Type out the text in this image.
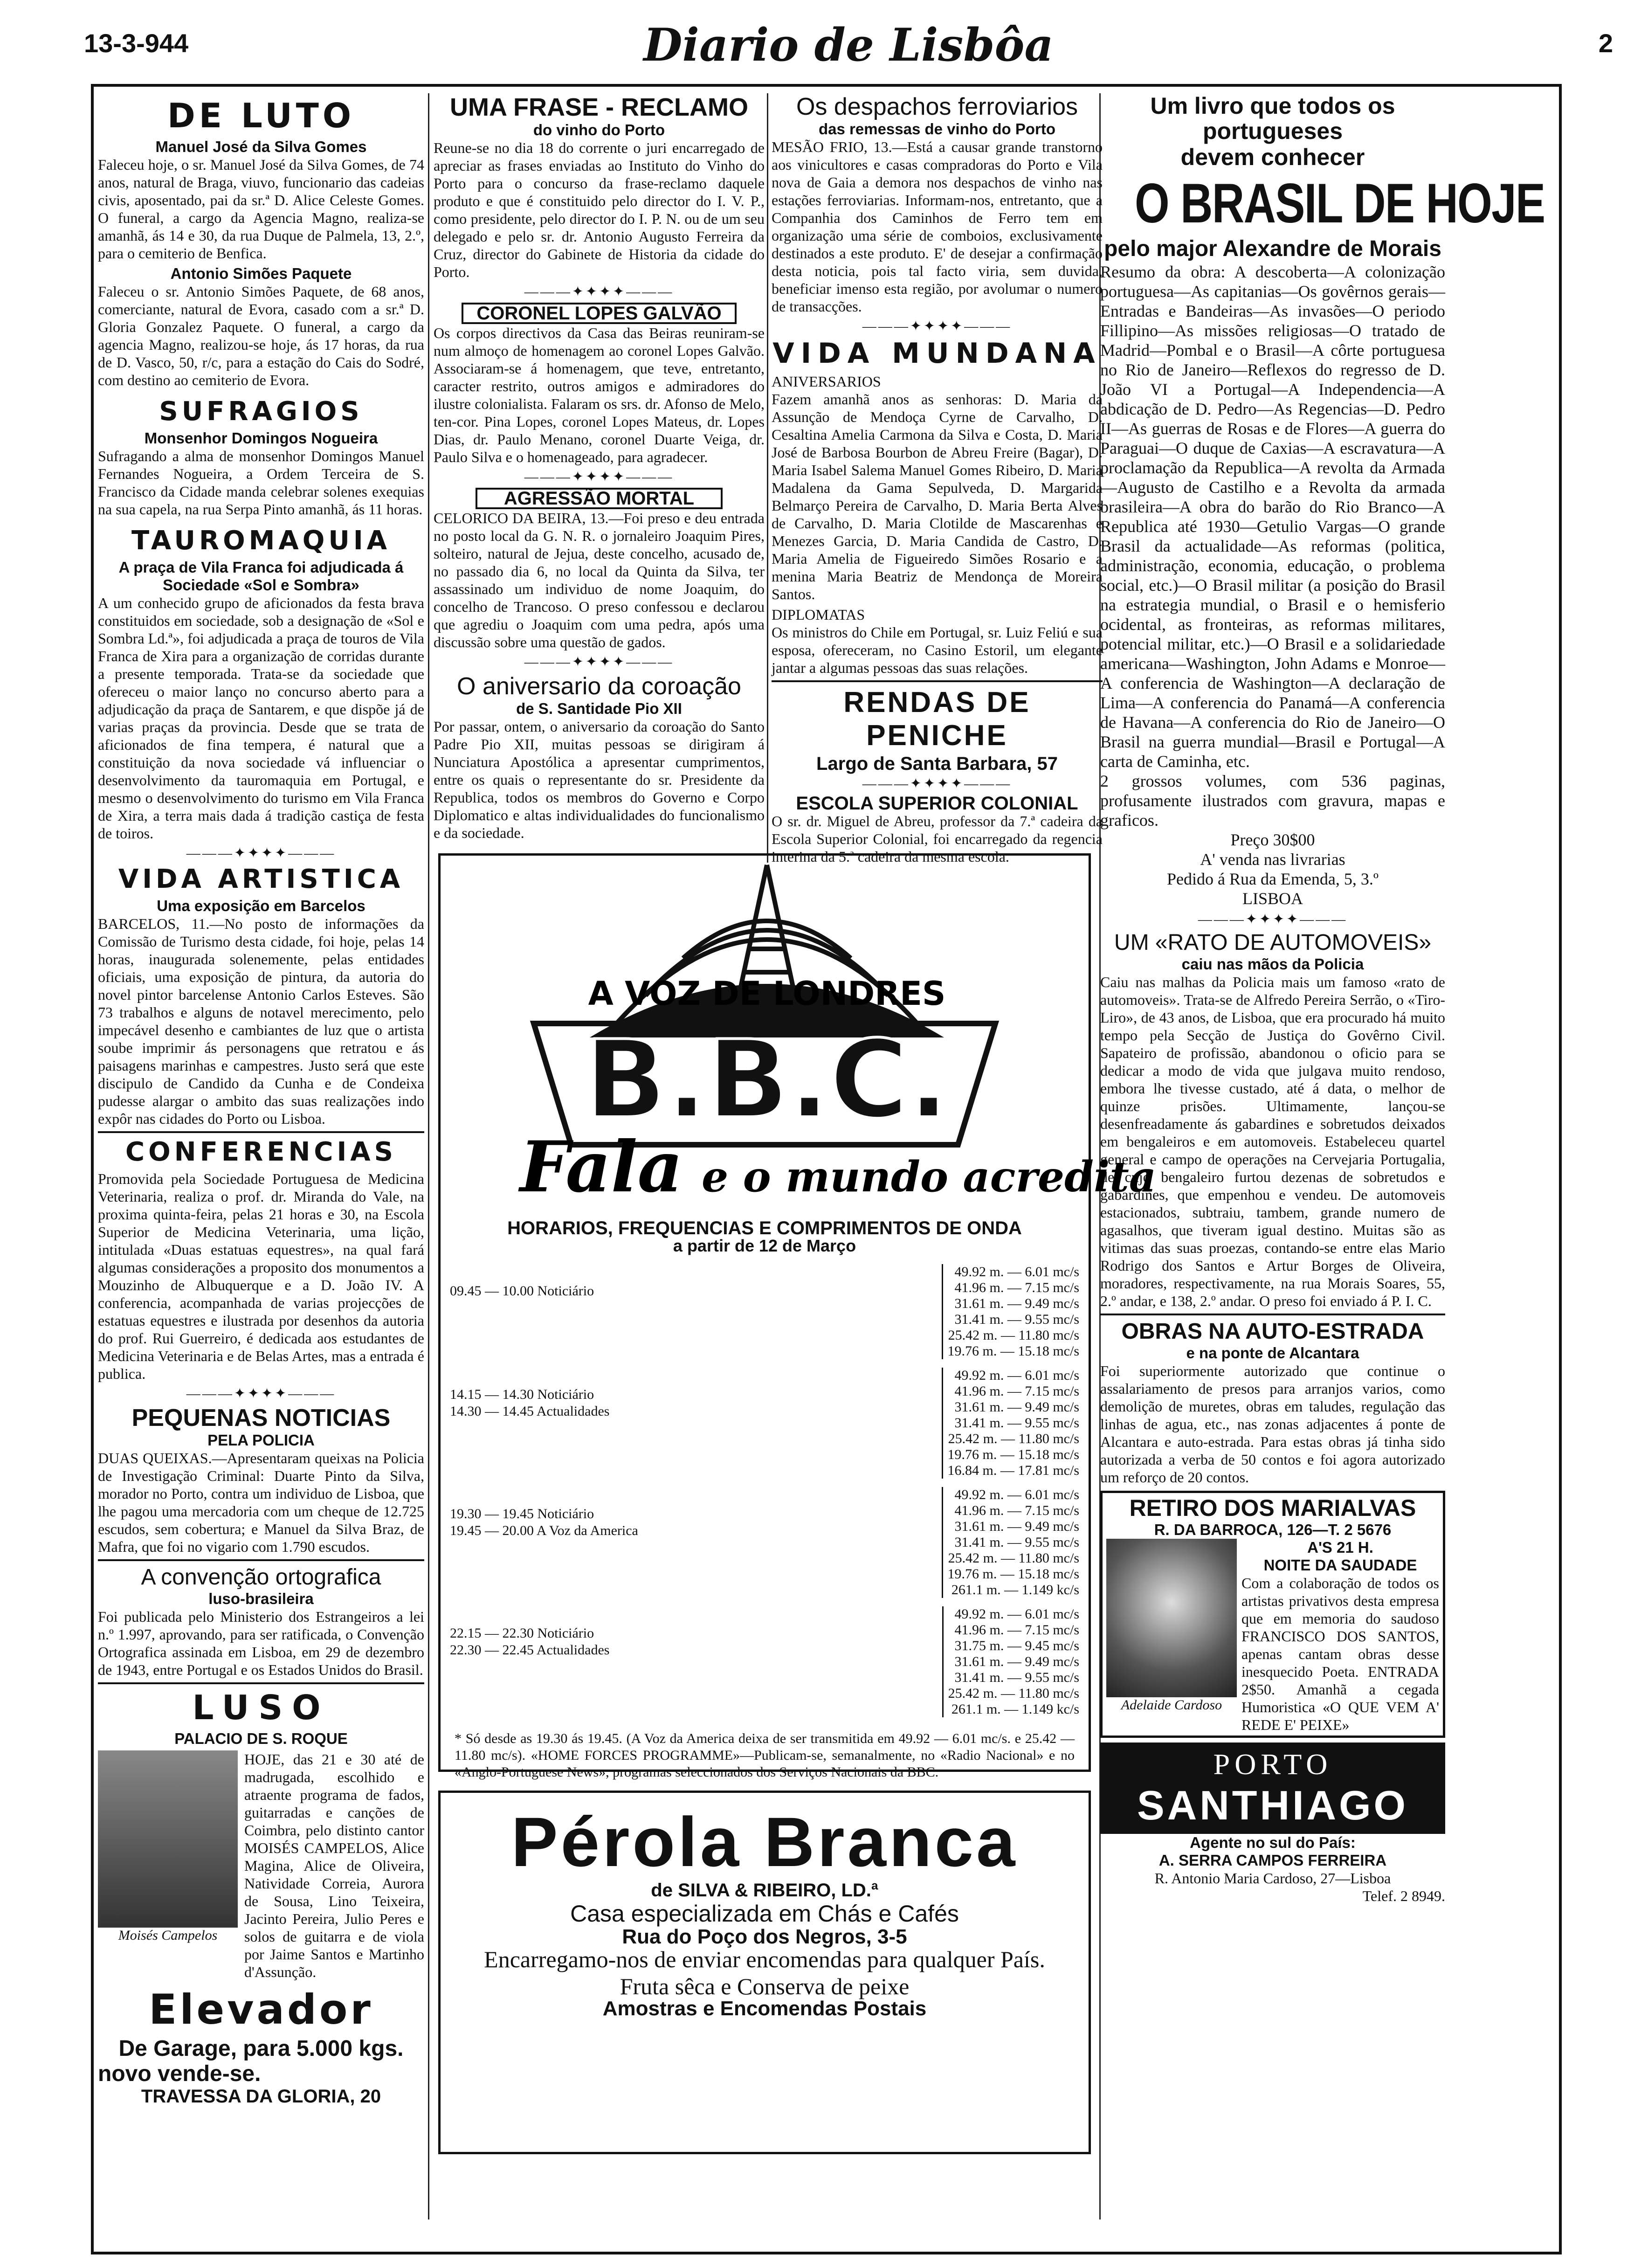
13-3-944	Diario de Lisbôa	2
DE LUTO
Manuel José da Silva Gomes

Faleceu hoje, o sr. Manuel José da Silva Gomes, de 74 anos, natural de Braga, viuvo, funcionario das cadeias civis, aposentado, pai da sr.ª D. Alice Celeste Gomes. O funeral, a cargo da Agencia Magno, realiza-se amanhã, ás 14 e 30, da rua Duque de Palmela, 13, 2.º, para o cemiterio de Benfica.

Antonio Simões Paquete

Faleceu o sr. Antonio Simões Paquete, de 68 anos, comerciante, natural de Evora, casado com a sr.ª D. Gloria Gonzalez Paquete. O funeral, a cargo da agencia Magno, realizou-se hoje, ás 17 horas, da rua de D. Vasco, 50, r/c, para a estação do Cais do Sodré, com destino ao cemiterio de Evora.

SUFRAGIOS
Monsenhor Domingos Nogueira

Sufragando a alma de monsenhor Domingos Manuel Fernandes Nogueira, a Ordem Terceira de S. Francisco da Cidade manda celebrar solenes exequias na sua capela, na rua Serpa Pinto amanhã, ás 11 horas.

TAUROMAQUIA
A praça de Vila Franca foi adjudicada á Sociedade «Sol e Sombra»

A um conhecido grupo de aficionados da festa brava constituidos em sociedade, sob a designação de «Sol e Sombra Ld.ª», foi adjudicada a praça de touros de Vila Franca de Xira para a organização de corridas durante a presente temporada. Trata-se da sociedade que ofereceu o maior lanço no concurso aberto para a adjudicação da praça de Santarem, e que dispõe já de varias praças da provincia. Desde que se trata de aficionados de fina tempera, é natural que a constituição da nova sociedade vá influenciar o desenvolvimento da tauromaquia em Portugal, e mesmo o desenvolvimento do turismo em Vila Franca de Xira, a terra mais dada á tradição castiça de festa de toiros.

———✦✦✦✦———
VIDA ARTISTICA
Uma exposição em Barcelos

BARCELOS, 11.—No posto de informações da Comissão de Turismo desta cidade, foi hoje, pelas 14 horas, inaugurada solenemente, pelas entidades oficiais, uma exposição de pintura, da autoria do novel pintor barcelense Antonio Carlos Esteves. São 73 trabalhos e alguns de notavel merecimento, pelo impecável desenho e cambiantes de luz que o artista soube imprimir ás personagens que retratou e ás paisagens marinhas e campestres. Justo será que este discipulo de Candido da Cunha e de Condeixa pudesse alargar o ambito das suas realizações indo expôr nas cidades do Porto ou Lisboa.

CONFERENCIAS

Promovida pela Sociedade Portuguesa de Medicina Veterinaria, realiza o prof. dr. Miranda do Vale, na proxima quinta-feira, pelas 21 horas e 30, na Escola Superior de Medicina Veterinaria, uma lição, intitulada «Duas estatuas equestres», na qual fará algumas considerações a proposito dos monumentos a Mouzinho de Albuquerque e a D. João IV. A conferencia, acompanhada de varias projecções de estatuas equestres e ilustrada por desenhos da autoria do prof. Rui Guerreiro, é dedicada aos estudantes de Medicina Veterinaria e de Belas Artes, mas a entrada é publica.

———✦✦✦✦———
PEQUENAS NOTICIAS
PELA POLICIA

DUAS QUEIXAS.—Apresentaram queixas na Policia de Investigação Criminal: Duarte Pinto da Silva, morador no Porto, contra um individuo de Lisboa, que lhe pagou uma mercadoria com um cheque de 12.725 escudos, sem cobertura; e Manuel da Silva Braz, de Mafra, que foi no vigario com 1.790 escudos.

A convenção ortografica
luso-brasileira

Foi publicada pelo Ministerio dos Estrangeiros a lei n.º 1.997, aprovando, para ser ratificada, o Convenção Ortografica assinada em Lisboa, em 29 de dezembro de 1943, entre Portugal e os Estados Unidos do Brasil.

LUSO
PALACIO DE S. ROQUE
Moisés Campelos

HOJE, das 21 e 30 até de madrugada, escolhido e atraente programa de fados, guitarradas e canções de Coimbra, pelo distinto cantor MOISÉS CAMPELOS, Alice Magina, Alice de Oliveira, Natividade Correia, Aurora de Sousa, Lino Teixeira, Jacinto Pereira, Julio Peres e solos de guitarra e de viola por Jaime Santos e Martinho d'Assunção.

Elevador
De Garage, para 5.000 kgs.
novo vende-se.
TRAVESSA DA GLORIA, 20
UMA FRASE - RECLAMO
do vinho do Porto

Reune-se no dia 18 do corrente o juri encarregado de apreciar as frases enviadas ao Instituto do Vinho do Porto para o concurso da frase-reclamo daquele produto e que é constituido pelo director do I. V. P., como presidente, pelo director do I. P. N. ou de um seu delegado e pelo sr. dr. Antonio Augusto Ferreira da Cruz, director do Gabinete de Historia da cidade do Porto.

———✦✦✦✦———
CORONEL LOPES GALVÃO

Os corpos directivos da Casa das Beiras reuniram-se num almoço de homenagem ao coronel Lopes Galvão. Associaram-se á homenagem, que teve, entretanto, caracter restrito, outros amigos e admiradores do ilustre colonialista. Falaram os srs. dr. Afonso de Melo, ten-cor. Pina Lopes, coronel Lopes Mateus, dr. Lopes Dias, dr. Paulo Menano, coronel Duarte Veiga, dr. Paulo Silva e o homenageado, para agradecer.

———✦✦✦✦———
AGRESSÃO MORTAL

CELORICO DA BEIRA, 13.—Foi preso e deu entrada no posto local da G. N. R. o jornaleiro Joaquim Pires, solteiro, natural de Jejua, deste concelho, acusado de, no passado dia 6, no local da Quinta da Silva, ter assassinado um individuo de nome Joaquim, do concelho de Trancoso. O preso confessou e declarou que agrediu o Joaquim com uma pedra, após uma discussão sobre uma questão de gados.

———✦✦✦✦———
O aniversario da coroação
de S. Santidade Pio XII

Por passar, ontem, o aniversario da coroação do Santo Padre Pio XII, muitas pessoas se dirigiram á Nunciatura Apostólica a apresentar cumprimentos, entre os quais o representante do sr. Presidente da Republica, todos os membros do Governo e Corpo Diplomatico e altas individualidades do funcionalismo e da sociedade.

Os despachos ferroviarios
das remessas de vinho do Porto

MESÃO FRIO, 13.—Está a causar grande transtorno aos vinicultores e casas compradoras do Porto e Vila nova de Gaia a demora nos despachos de vinho nas estações ferroviarias. Informam-nos, entretanto, que a Companhia dos Caminhos de Ferro tem em organização uma série de comboios, exclusivamente destinados a este produto. E' de desejar a confirmação desta noticia, pois tal facto viria, sem duvida, beneficiar imenso esta região, por avolumar o numero de transacções.

———✦✦✦✦———
VIDA MUNDANA

ANIVERSARIOS

Fazem amanhã anos as senhoras: D. Maria da Assunção de Mendoça Cyrne de Carvalho, D. Cesaltina Amelia Carmona da Silva e Costa, D. Maria José de Barbosa Bourbon de Abreu Freire (Bagar), D. Maria Isabel Salema Manuel Gomes Ribeiro, D. Maria Madalena da Gama Sepulveda, D. Margarida Belmarço Pereira de Carvalho, D. Maria Berta Alves de Carvalho, D. Maria Clotilde de Mascarenhas e Menezes Garcia, D. Maria Candida de Castro, D. Maria Amelia de Figueiredo Simões Rosario e a menina Maria Beatriz de Mendonça de Moreira Santos.

DIPLOMATAS

Os ministros do Chile em Portugal, sr. Luiz Feliú e sua esposa, ofereceram, no Casino Estoril, um elegante jantar a algumas pessoas das suas relações.

RENDAS DE PENICHE
Largo de Santa Barbara, 57
———✦✦✦✦———
ESCOLA SUPERIOR COLONIAL

O sr. dr. Miguel de Abreu, professor da 7.ª cadeira da Escola Superior Colonial, foi encarregado da regencia interina da 5.ª cadeira da mesma escola.

Um livro que todos os portugueses
devem conhecer
O BRASIL DE HOJE
pelo major Alexandre de Morais

Resumo da obra: A descoberta—A colonização portuguesa—As capitanias—Os govêrnos gerais—Entradas e Bandeiras—As invasões—O periodo Fillipino—As missões religiosas—O tratado de Madrid—Pombal e o Brasil—A côrte portuguesa no Rio de Janeiro—Reflexos do regresso de D. João VI a Portugal—A Independencia—A abdicação de D. Pedro—As Regencias—D. Pedro II—As guerras de Rosas e de Flores—A guerra do Paraguai—O duque de Caxias—A escravatura—A proclamação da Republica—A revolta da Armada—Augusto de Castilho e a Revolta da armada brasileira—A obra do barão do Rio Branco—A Republica até 1930—Getulio Vargas—O grande Brasil da actualidade—As reformas (politica, administração, economia, educação, o problema social, etc.)—O Brasil militar (a posição do Brasil na estrategia mundial, o Brasil e o hemisferio ocidental, as fronteiras, as reformas militares, potencial militar, etc.)—O Brasil e a solidariedade americana—Washington, John Adams e Monroe—A conferencia de Washington—A declaração de Lima—A conferencia do Panamá—A conferencia de Havana—A conferencia do Rio de Janeiro—O Brasil na guerra mundial—Brasil e Portugal—A carta de Caminha, etc.

2 grossos volumes, com 536 paginas, profusamente ilustrados com gravura, mapas e graficos.

Preço 30$00

A' venda nas livrarias

Pedido á Rua da Emenda, 5, 3.º

LISBOA

———✦✦✦✦———
UM «RATO DE AUTOMOVEIS»
caiu nas mãos da Policia

Caiu nas malhas da Policia mais um famoso «rato de automoveis». Trata-se de Alfredo Pereira Serrão, o «Tiro-Liro», de 43 anos, de Lisboa, que era procurado há muito tempo pela Secção de Justiça do Govêrno Civil. Sapateiro de profissão, abandonou o oficio para se dedicar a modo de vida que julgava muito rendoso, embora lhe tivesse custado, até á data, o melhor de quinze prisões. Ultimamente, lançou-se desenfreadamente ás gabardines e sobretudos deixados em bengaleiros e em automoveis. Estabeleceu quartel general e campo de operações na Cervejaria Portugalia, de cujo bengaleiro furtou dezenas de sobretudos e gabardines, que empenhou e vendeu. De automoveis estacionados, subtraiu, tambem, grande numero de agasalhos, que tiveram igual destino. Muitas são as vitimas das suas proezas, contando-se entre elas Mario Rodrigo dos Santos e Artur Borges de Oliveira, moradores, respectivamente, na rua Morais Soares, 55, 2.º andar, e 138, 2.º andar. O preso foi enviado á P. I. C.

OBRAS NA AUTO-ESTRADA
e na ponte de Alcantara

Foi superiormente autorizado que continue o assalariamento de presos para arranjos varios, como demolição de muretes, obras em taludes, regulação das linhas de agua, etc., nas zonas adjacentes á ponte de Alcantara e auto-estrada. Para estas obras já tinha sido autorizada a verba de 50 contos e foi agora autorizado um reforço de 20 contos.

RETIRO DOS MARIALVAS
R. DA BARROCA, 126—T. 2 5676
Adelaide Cardoso
A'S 21 H.
NOITE DA SAUDADE

Com a colaboração de todos os artistas privativos desta empresa que em memoria do saudoso FRANCISCO DOS SANTOS, apenas cantam obras desse inesquecido Poeta. ENTRADA 2$50. Amanhã a cegada Humoristica «O QUE VEM A' REDE E' PEIXE»

PORTO
SANTHIAGO
Agente no sul do País:
A. SERRA CAMPOS FERREIRA

R. Antonio Maria Cardoso, 27—Lisboa

Telef. 2 8949.

A VOZ DE LONDRES
B.B.C.
Fala e o mundo acredita
HORARIOS, FREQUENCIAS E COMPRIMENTOS DE ONDA
a partir de 12 de Março
09.45 — 10.00 Noticiário
49.92 m. — 6.01 mc/s
41.96 m. — 7.15 mc/s
31.61 m. — 9.49 mc/s
31.41 m. — 9.55 mc/s
25.42 m. — 11.80 mc/s
19.76 m. — 15.18 mc/s
14.15 — 14.30 Noticiário
14.30 — 14.45 Actualidades
49.92 m. — 6.01 mc/s
41.96 m. — 7.15 mc/s
31.61 m. — 9.49 mc/s
31.41 m. — 9.55 mc/s
25.42 m. — 11.80 mc/s
19.76 m. — 15.18 mc/s
16.84 m. — 17.81 mc/s
19.30 — 19.45 Noticiário
19.45 — 20.00 A Voz da America
49.92 m. — 6.01 mc/s
41.96 m. — 7.15 mc/s
31.61 m. — 9.49 mc/s
31.41 m. — 9.55 mc/s
25.42 m. — 11.80 mc/s
19.76 m. — 15.18 mc/s
261.1 m. — 1.149 kc/s
22.15 — 22.30 Noticiário
22.30 — 22.45 Actualidades
49.92 m. — 6.01 mc/s
41.96 m. — 7.15 mc/s
31.75 m. — 9.45 mc/s
31.61 m. — 9.49 mc/s
31.41 m. — 9.55 mc/s
25.42 m. — 11.80 mc/s
261.1 m. — 1.149 kc/s

* Só desde as 19.30 ás 19.45. (A Voz da America deixa de ser transmitida em 49.92 — 6.01 mc/s. e 25.42 — 11.80 mc/s). «HOME FORCES PROGRAMME»—Publicam-se, semanalmente, no «Radio Nacional» e no «Anglo-Portuguese News», programas seleccionados dos Serviços Nacionais da BBC.

Pérola Branca
de SILVA & RIBEIRO, LD.ª
Casa especializada em Chás e Cafés
Rua do Poço dos Negros, 3-5
Encarregamo-nos de enviar encomendas para qualquer País.
Fruta sêca e Conserva de peixe
Amostras e Encomendas Postais
